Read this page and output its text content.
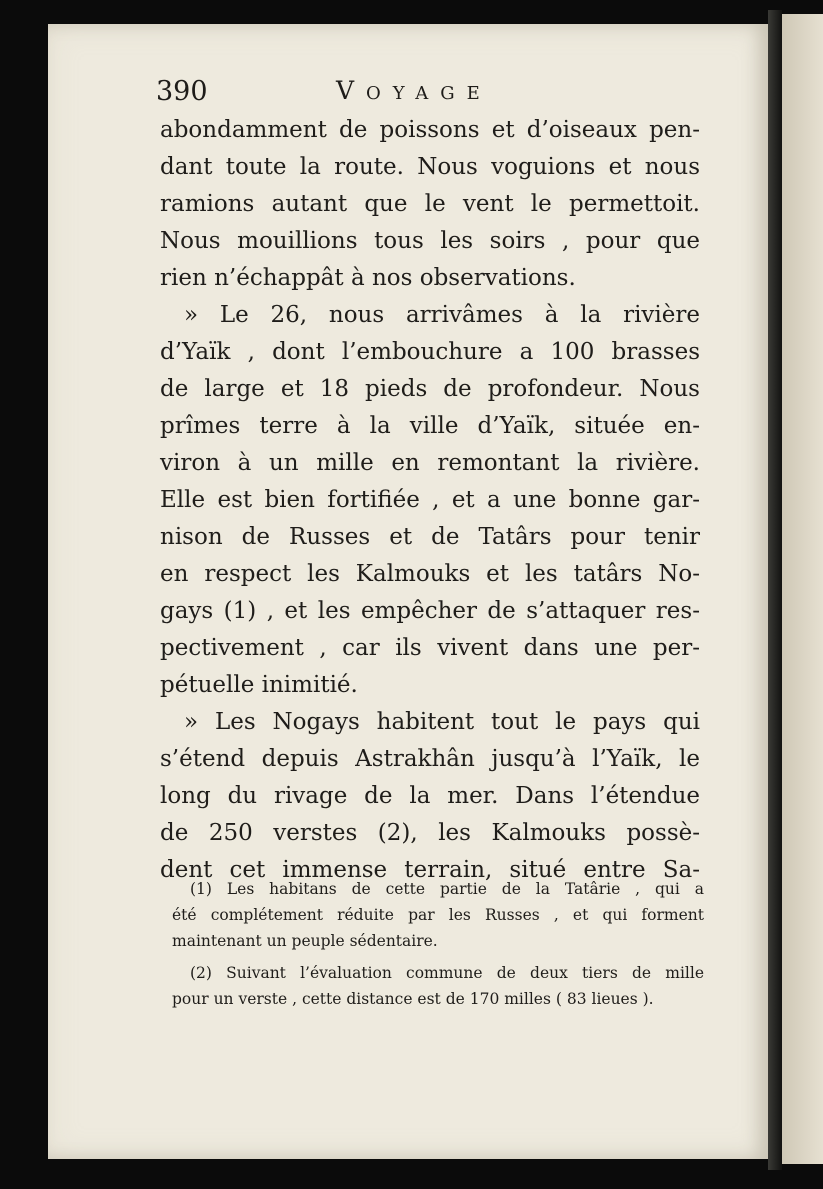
390	Voyage
abondamment de poissons et d’oiseaux pen-
dant toute la route. Nous voguions et nous
ramions autant que le vent le permettoit.
Nous mouillions tous les soirs , pour que
rien n’échappât à nos observations.
» Le 26, nous arrivâmes à la rivière
d’Yaïk , dont l’embouchure a 100 brasses
de large et 18 pieds de profondeur. Nous
prîmes terre à la ville d’Yaïk, située en-
viron à un mille en remontant la rivière.
Elle est bien fortifiée , et a une bonne gar-
nison de Russes et de Tatârs pour tenir
en respect les Kalmouks et les tatârs No-
gays (1) , et les empêcher de s’attaquer res-
pectivement , car ils vivent dans une per-
pétuelle inimitié.
» Les Nogays habitent tout le pays qui
s’étend depuis Astrakhân jusqu’à l’Yaïk, le
long du rivage de la mer. Dans l’étendue
de 250 verstes (2), les Kalmouks possè-
dent cet immense terrain, situé entre Sa-
(1) Les habitans de cette partie de la Tatârie , qui a
été complétement réduite par les Russes , et qui forment
maintenant un peuple sédentaire.
(2) Suivant l’évaluation commune de deux tiers de mille
pour un verste , cette distance est de 170 milles ( 83 lieues ).
